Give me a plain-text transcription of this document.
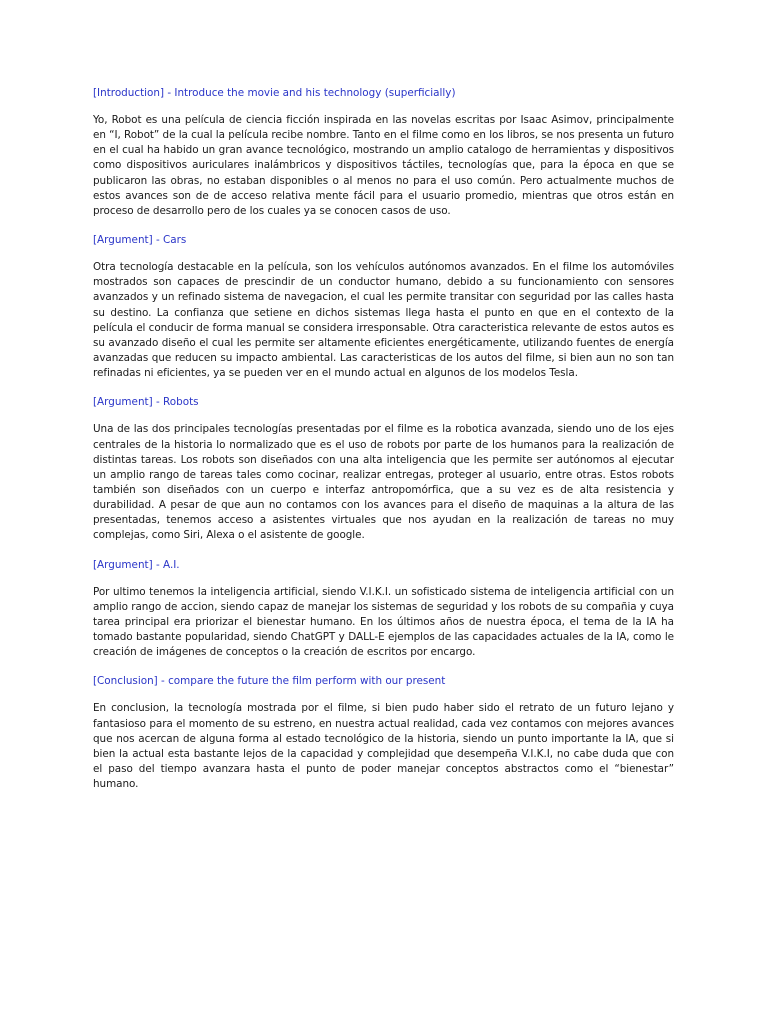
[Introduction] - Introduce the movie and his technology (superficially)

Yo, Robot es una película de ciencia ficción inspirada en las novelas escritas por Isaac Asimov, principalmente en “I, Robot” de la cual la película recibe nombre. Tanto en el filme como en los libros, se nos presenta un futuro en el cual ha habido un gran avance tecnológico, mostrando un amplio catalogo de herramientas y dispositivos como dispositivos auriculares inalámbricos y dispositivos táctiles, tecnologías que, para la época en que se publicaron las obras, no estaban disponibles o al menos no para el uso común. Pero actualmente muchos de estos avances son de de acceso relativa mente fácil para el usuario promedio, mientras que otros están en proceso de desarrollo pero de los cuales ya se conocen casos de uso.

[Argument] - Cars

Otra tecnología destacable en la película, son los vehículos autónomos avanzados. En el filme los automóviles mostrados son capaces de prescindir de un conductor humano, debido a su funcionamiento con sensores avanzados y un refinado sistema de navegacion, el cual les permite transitar con seguridad por las calles hasta su destino. La confianza que setiene en dichos sistemas llega hasta el punto en que en el contexto de la película el conducir de forma manual se considera irresponsable. Otra caracteristica relevante de estos autos es su avanzado diseño el cual les permite ser altamente eficientes energéticamente, utilizando fuentes de energía avanzadas que reducen su impacto ambiental. Las caracteristicas de los autos del filme, si bien aun no son tan refinadas ni eficientes, ya se pueden ver en el mundo actual en algunos de los modelos Tesla.

[Argument] - Robots

Una de las dos principales tecnologías presentadas por el filme es la robotica avanzada, siendo uno de los ejes centrales de la historia lo normalizado que es el uso de robots por parte de los humanos para la realización de distintas tareas. Los robots son diseñados con una alta inteligencia que les permite ser autónomos al ejecutar un amplio rango de tareas tales como cocinar, realizar entregas, proteger al usuario, entre otras. Estos robots también son diseñados con un cuerpo e interfaz antropomórfica, que a su vez es de alta resistencia y durabilidad. A pesar de que aun no contamos con los avances para el diseño de maquinas a la altura de las presentadas, tenemos acceso a asistentes virtuales que nos ayudan en la realización de tareas no muy complejas, como Siri, Alexa o el asistente de google.

[Argument] - A.I.

Por ultimo tenemos la inteligencia artificial, siendo V.I.K.I. un sofisticado sistema de inteligencia artificial con un amplio rango de accion, siendo capaz de manejar los sistemas de seguridad y los robots de su compañia y cuya tarea principal era priorizar el bienestar humano. En los últimos años de nuestra época, el tema de la IA ha tomado bastante popularidad, siendo ChatGPT y DALL-E ejemplos de las capacidades actuales de la IA, como le creación de imágenes de conceptos o la creación de escritos por encargo.

[Conclusion] - compare the future the film perform with our present

En conclusion, la tecnología mostrada por el filme, si bien pudo haber sido el retrato de un futuro lejano y fantasioso para el momento de su estreno, en nuestra actual realidad, cada vez contamos con mejores avances que nos acercan de alguna forma al estado tecnológico de la historia, siendo un punto importante la IA, que si bien la actual esta bastante lejos de la capacidad y complejidad que desempeña V.I.K.I, no cabe duda que con el paso del tiempo avanzara hasta el punto de poder manejar conceptos abstractos como el “bienestar” humano.
